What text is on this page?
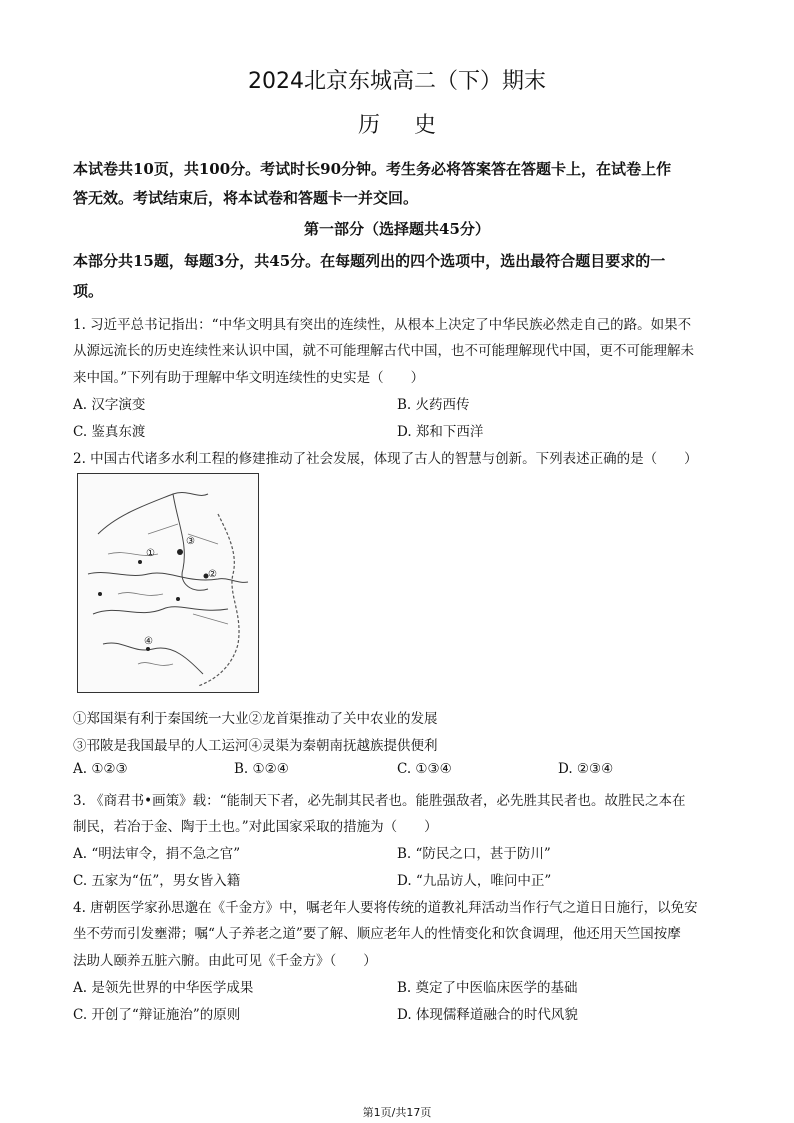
2024北京东城高二（下）期末
历史
本试卷共10页，共100分。考试时长90分钟。考生务必将答案答在答题卡上，在试卷上作
答无效。考试结束后，将本试卷和答题卡一并交回。
第一部分（选择题共45分）
本部分共15题，每题3分，共45分。在每题列出的四个选项中，选出最符合题目要求的一
项。
1. 习近平总书记指出：“中华文明具有突出的连续性，从根本上决定了中华民族必然走自己的路。如果不
从源远流长的历史连续性来认识中国，就不可能理解古代中国，也不可能理解现代中国，更不可能理解未
来中国。”下列有助于理解中华文明连续性的史实是（　　）
A. 汉字演变	B. 火药西传
C. 鉴真东渡	D. 郑和下西洋
2. 中国古代诸多水利工程的修建推动了社会发展，体现了古人的智慧与创新。下列表述正确的是（　　）
①
②
③
④
①郑国渠有利于秦国统一大业②龙首渠推动了关中农业的发展
③邗陂是我国最早的人工运河④灵渠为秦朝南抚越族提供便利
A. ①②③	B. ①②④	C. ①③④	D. ②③④
3. 《商君书•画策》载：“能制天下者，必先制其民者也。能胜强敌者，必先胜其民者也。故胜民之本在
制民，若冶于金、陶于土也。”对此国家采取的措施为（　　）
A. “明法审令，捐不急之官”	B. “防民之口，甚于防川”
C. 五家为“伍”，男女皆入籍	D. “九品访人，唯问中正”
4. 唐朝医学家孙思邈在《千金方》中，嘱老年人要将传统的道教礼拜活动当作行气之道日日施行，以免安
坐不劳而引发壅滞；嘱“人子养老之道”要了解、顺应老年人的性情变化和饮食调理，他还用天竺国按摩
法助人颐养五脏六腑。由此可见《千金方》（　　）
A. 是领先世界的中华医学成果	B. 奠定了中医临床医学的基础
C. 开创了“辩证施治”的原则	D. 体现儒释道融合的时代风貌
第1页/共17页
